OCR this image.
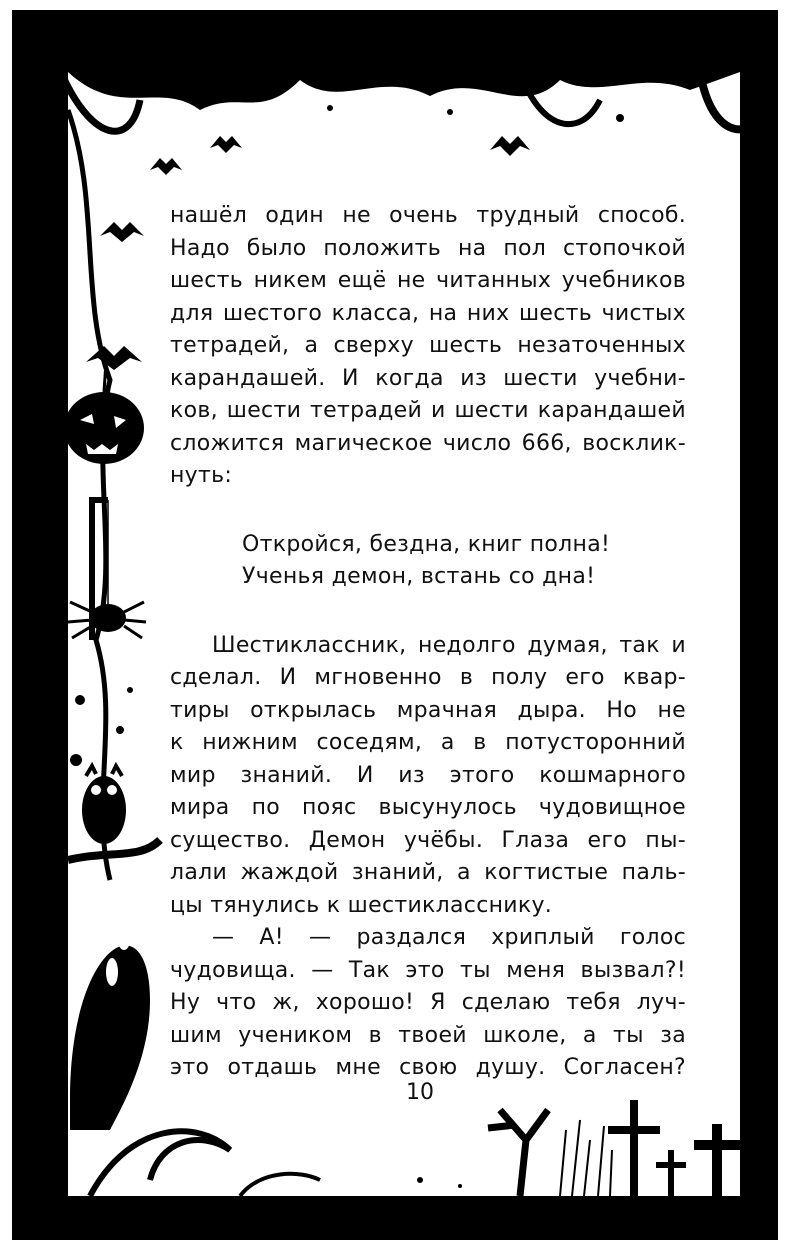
нашёл один не очень трудный способ.

Надо было положить на пол стопочкой

шесть никем ещё не читанных учебников

для шестого класса, на них шесть чистых

тетрадей, а сверху шесть незаточенных

карандашей. И когда из шести учебни-

ков, шести тетрадей и шести карандашей

сложится магическое число 666, восклик-

нуть:

Откройся, бездна, книг полна!
Ученья демон, встань со дна!

Шестиклассник, недолго думая, так и

сделал. И мгновенно в полу его квар-

тиры открылась мрачная дыра. Но не

к нижним соседям, а в потусторонний

мир знаний. И из этого кошмарного

мира по пояс высунулось чудовищное

существо. Демон учёбы. Глаза его пы-

лали жаждой знаний, а когтистые паль-

цы тянулись к шестикласснику.

— А! — раздался хриплый голос

чудовища. — Так это ты меня вызвал?!

Ну что ж, хорошо! Я сделаю тебя луч-

шим учеником в твоей школе, а ты за

это отдашь мне свою душу. Согласен?

10
